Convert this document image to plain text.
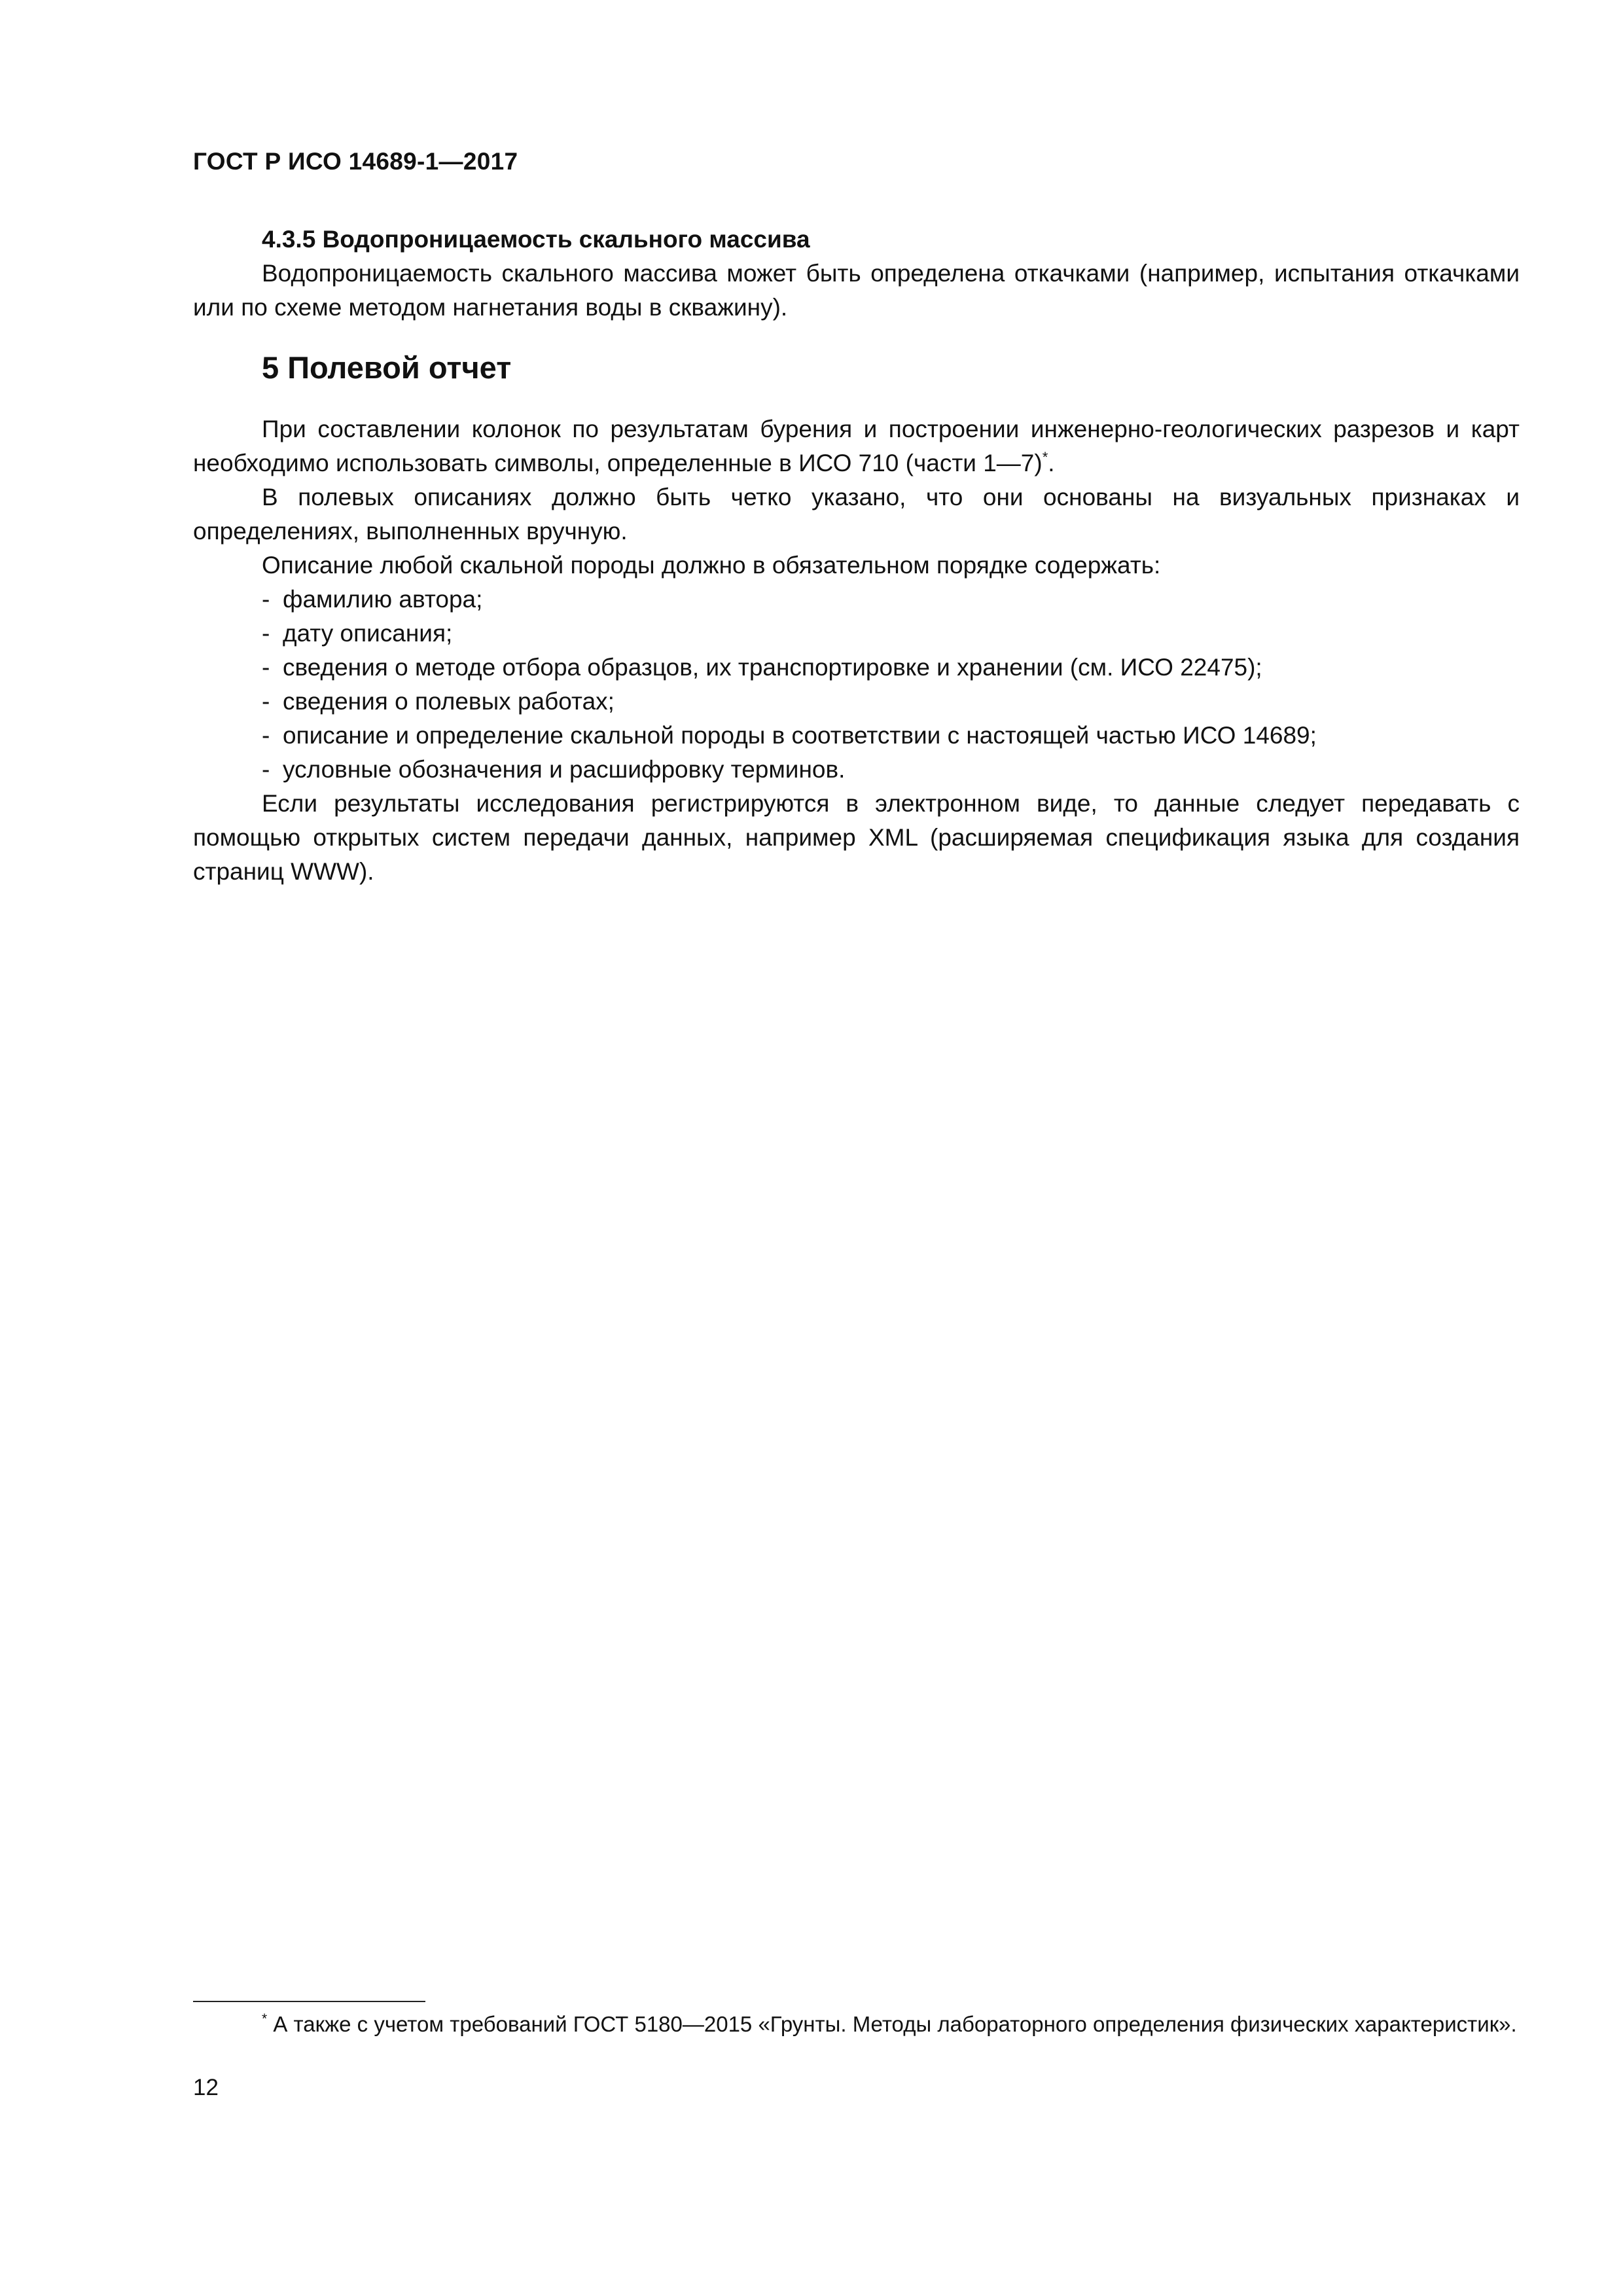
ГОСТ Р ИСО 14689-1—2017

4.3.5 Водопроницаемость скального массива

Водопроницаемость скального массива может быть определена откачками (например, испытания откачками или по схеме методом нагнетания воды в скважину).

5 Полевой отчет

При составлении колонок по результатам бурения и построении инженерно-геологических разрезов и карт необходимо использовать символы, определенные в ИСО 710 (части 1—7)*.

В полевых описаниях должно быть четко указано, что они основаны на визуальных признаках и определениях, выполненных вручную.

Описание любой скальной породы должно в обязательном порядке содержать:

- фамилию автора;
- дату описания;
- сведения о методе отбора образцов, их транспортировке и хранении (см. ИСО 22475);
- сведения о полевых работах;
- описание и определение скальной породы в соответствии с настоящей частью ИСО 14689;
- условные обозначения и расшифровку терминов.

Если результаты исследования регистрируются в электронном виде, то данные следует передавать с помощью открытых систем передачи данных, например XML (расширяемая спецификация языка для создания страниц WWW).

* А также с учетом требований ГОСТ 5180—2015 «Грунты. Методы лабораторного определения физических характеристик».
12
